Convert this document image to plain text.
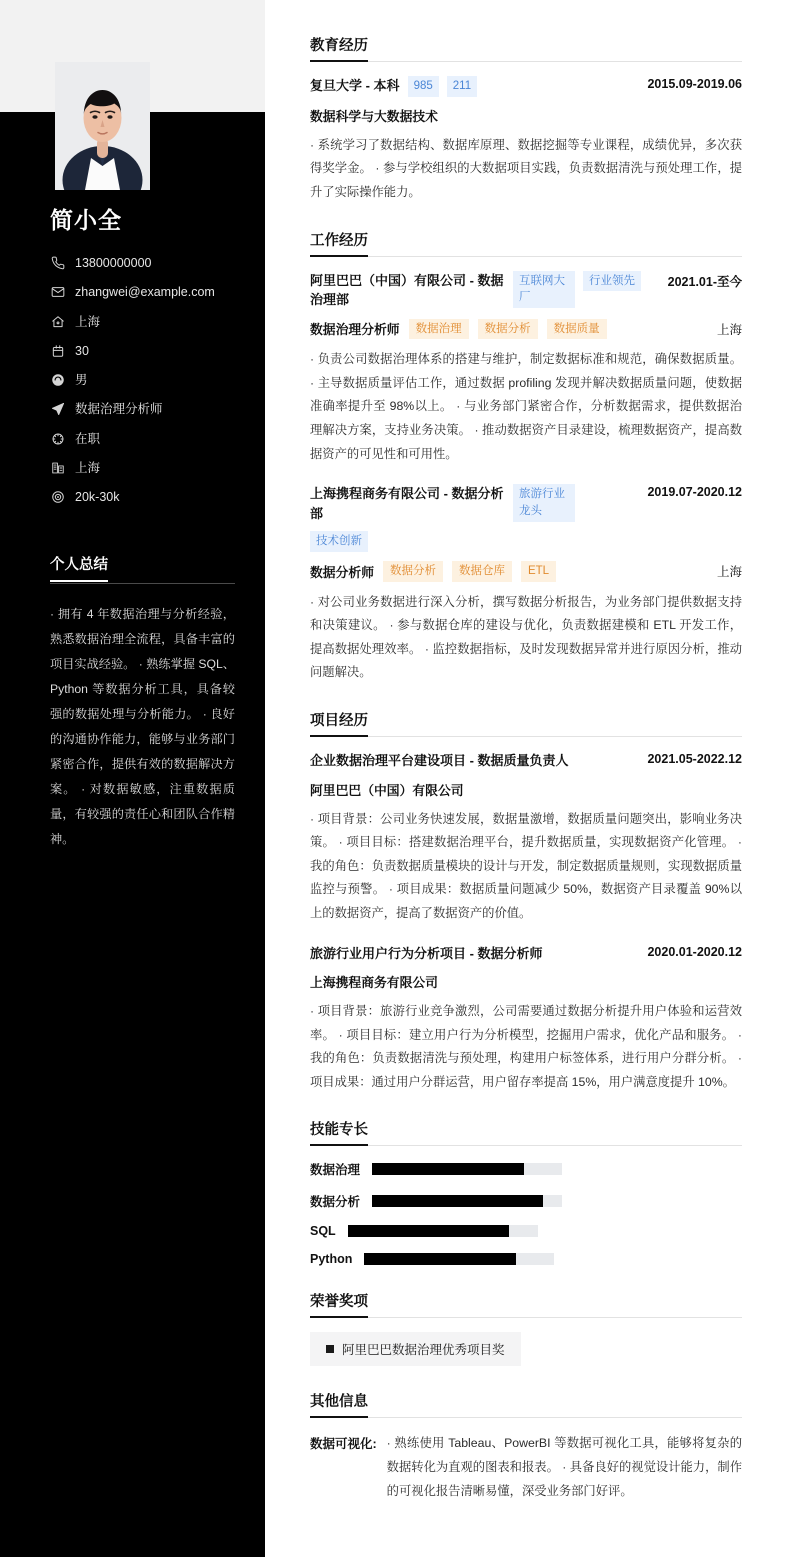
简小全
13800000000
zhangwei@example.com
上海
30
男
数据治理分析师
在职
上海
20k-30k
个人总结
· 拥有 4 年数据治理与分析经验，熟悉数据治理全流程，具备丰富的项目实战经验。 · 熟练掌握 SQL、Python 等数据分析工具，具备较强的数据处理与分析能力。 · 良好的沟通协作能力，能够与业务部门紧密合作，提供有效的数据解决方案。 · 对数据敏感，注重数据质量，有较强的责任心和团队合作精神。
教育经历
复旦大学 - 本科	985	211	2015.09-2019.06
数据科学与大数据技术
· 系统学习了数据结构、数据库原理、数据挖掘等专业课程，成绩优异，多次获得奖学金。 · 参与学校组织的大数据项目实践，负责数据清洗与预处理工作，提升了实际操作能力。
工作经历
阿里巴巴（中国）有限公司 - 数据治理部
互联网大厂
行业领先	2021.01-至今
数据治理分析师	数据治理	数据分析	数据质量	上海
· 负责公司数据治理体系的搭建与维护，制定数据标准和规范，确保数据质量。 · 主导数据质量评估工作，通过数据 profiling 发现并解决数据质量问题，使数据准确率提升至 98%以上。 · 与业务部门紧密合作，分析数据需求，提供数据治理解决方案，支持业务决策。 · 推动数据资产目录建设，梳理数据资产，提高数据资产的可见性和可用性。
上海携程商务有限公司 - 数据分析部
旅游行业龙头
技术创新
2019.07-2020.12
数据分析师	数据分析	数据仓库	ETL	上海
· 对公司业务数据进行深入分析，撰写数据分析报告，为业务部门提供数据支持和决策建议。 · 参与数据仓库的建设与优化，负责数据建模和 ETL 开发工作，提高数据处理效率。 · 监控数据指标，及时发现数据异常并进行原因分析，推动问题解决。
项目经历
企业数据治理平台建设项目 - 数据质量负责人	2021.05-2022.12
阿里巴巴（中国）有限公司
· 项目背景：公司业务快速发展，数据量激增，数据质量问题突出，影响业务决策。 · 项目目标：搭建数据治理平台，提升数据质量，实现数据资产化管理。 · 我的角色：负责数据质量模块的设计与开发，制定数据质量规则，实现数据质量监控与预警。 · 项目成果：数据质量问题减少 50%，数据资产目录覆盖 90%以上的数据资产，提高了数据资产的价值。
旅游行业用户行为分析项目 - 数据分析师	2020.01-2020.12
上海携程商务有限公司
· 项目背景：旅游行业竞争激烈，公司需要通过数据分析提升用户体验和运营效率。 · 项目目标：建立用户行为分析模型，挖掘用户需求，优化产品和服务。 · 我的角色：负责数据清洗与预处理，构建用户标签体系，进行用户分群分析。 · 项目成果：通过用户分群运营，用户留存率提高 15%，用户满意度提升 10%。
技能专长
数据治理
数据分析
SQL
Python
荣誉奖项
阿里巴巴数据治理优秀项目奖
其他信息
数据可视化: · 熟练使用 Tableau、PowerBI 等数据可视化工具，能够将复杂的数据转化为直观的图表和报表。 · 具备良好的视觉设计能力，制作的可视化报告清晰易懂，深受业务部门好评。
